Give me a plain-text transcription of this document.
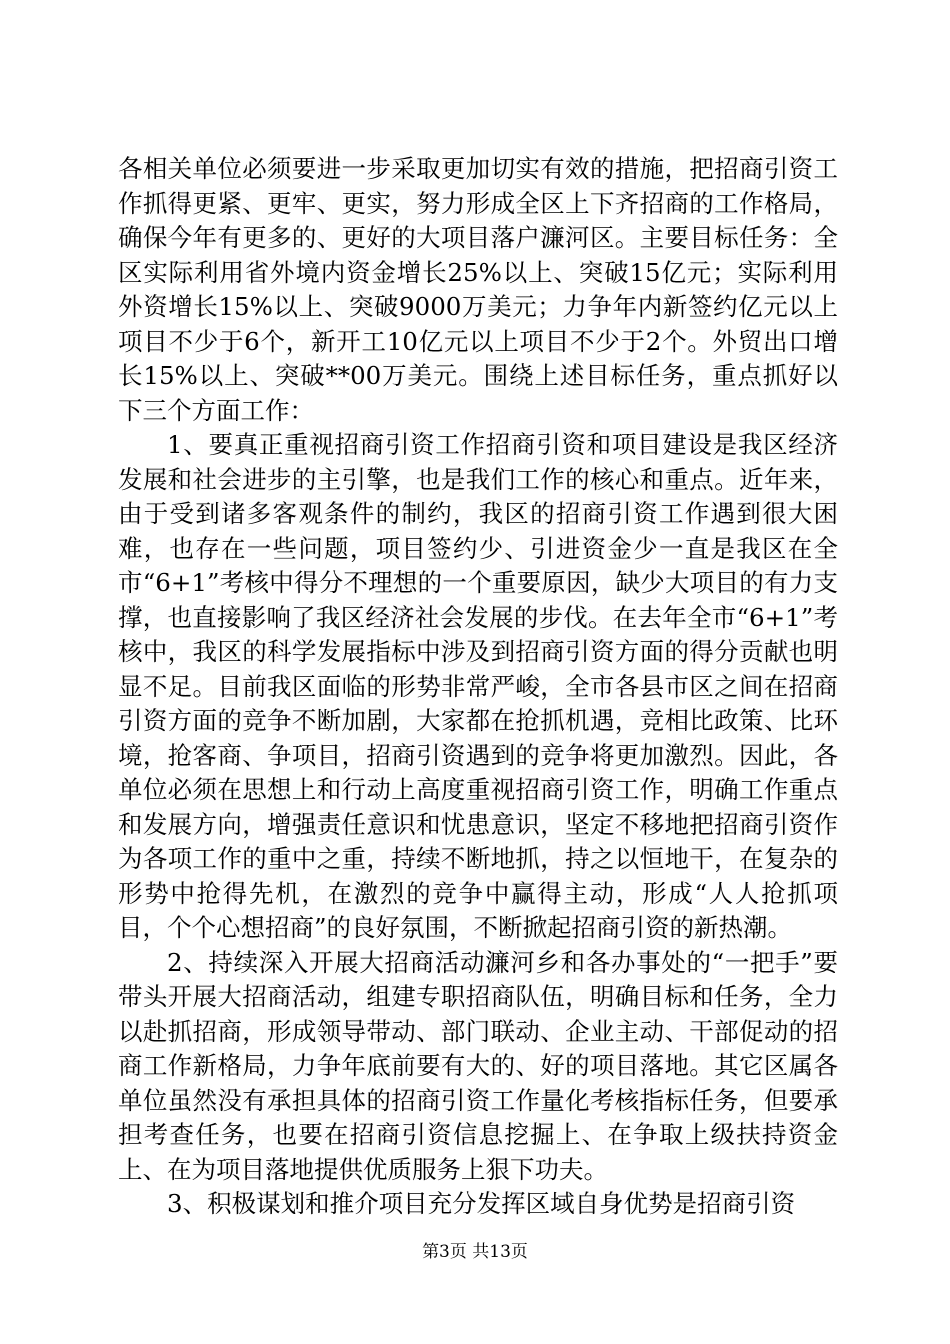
各相关单位必须要进一步采取更加切实有效的措施，把招商引资工作抓得更紧、更牢、更实，努力形成全区上下齐招商的工作格局，确保今年有更多的、更好的大项目落户濂河区。主要目标任务：全区实际利用省外境内资金增长25%以上、突破15亿元；实际利用外资增长15%以上、突破9000万美元；力争年内新签约亿元以上项目不少于6个，新开工10亿元以上项目不少于2个。外贸出口增长15%以上、突破**00万美元。围绕上述目标任务，重点抓好以下三个方面工作：

1、要真正重视招商引资工作招商引资和项目建设是我区经济发展和社会进步的主引擎，也是我们工作的核心和重点。近年来，由于受到诸多客观条件的制约，我区的招商引资工作遇到很大困难，也存在一些问题，项目签约少、引进资金少一直是我区在全市“6+1”考核中得分不理想的一个重要原因，缺少大项目的有力支撑，也直接影响了我区经济社会发展的步伐。在去年全市“6+1”考核中，我区的科学发展指标中涉及到招商引资方面的得分贡献也明显不足。目前我区面临的形势非常严峻，全市各县市区之间在招商引资方面的竞争不断加剧，大家都在抢抓机遇，竞相比政策、比环境，抢客商、争项目，招商引资遇到的竞争将更加激烈。因此，各单位必须在思想上和行动上高度重视招商引资工作，明确工作重点和发展方向，增强责任意识和忧患意识，坚定不移地把招商引资作为各项工作的重中之重，持续不断地抓，持之以恒地干，在复杂的形势中抢得先机，在激烈的竞争中赢得主动，形成“人人抢抓项目，个个心想招商”的良好氛围，不断掀起招商引资的新热潮。

2、持续深入开展大招商活动濂河乡和各办事处的“一把手”要带头开展大招商活动，组建专职招商队伍，明确目标和任务，全力以赴抓招商，形成领导带动、部门联动、企业主动、干部促动的招商工作新格局，力争年底前要有大的、好的项目落地。其它区属各单位虽然没有承担具体的招商引资工作量化考核指标任务，但要承担考查任务，也要在招商引资信息挖掘上、在争取上级扶持资金上、在为项目落地提供优质服务上狠下功夫。

3、积极谋划和推介项目充分发挥区域自身优势是招商引资

第3页 共13页
